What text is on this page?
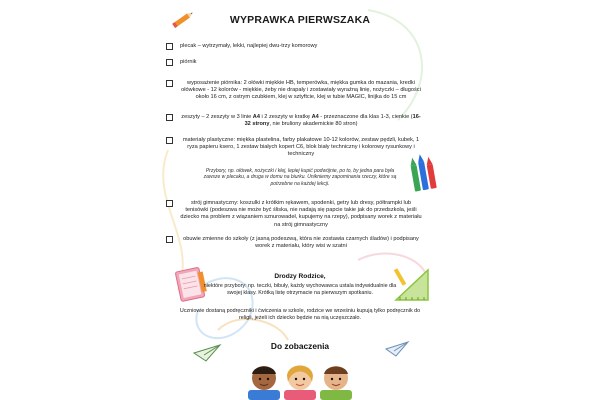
WYPRAWKA PIERWSZAKA
plecak – wytrzymały, lekki, najlepiej dwu-trzy komorowy
piórnik
wyposażenie piórnika: 2 ołówki miękkie HB, temperówka, miękka gumka do mazania, kredki ołówkowe - 12 kolorów - miękkie, żeby nie drapały i zostawiały wyraźną linię, nożyczki – długości około 16 cm, z ostrym czubkiem, klej w sztyftcie, klej w tubie MAGIC, linijka do 15 cm
zeszyty – 2 zeszyty w 3 linie A4 i 2 zeszyty w kratkę A4 - przeznaczone dla klas 1-3, cienkie (16-32 strony, nie bruliony akademickie 80 stron)
materiały plastyczne: miękka plastelina, farby plakatowe 10-12 kolorów, zestaw pędzli, kubek, 1 ryza papieru ksero, 1 zestaw białych kopert C6, blok biały techniczny i kolorowy rysunkowy i techniczny
Przybory, np. ołówek, nożyczki i klej, lepiej kupić podwójnie, po to, by jedna para była zawsze w plecaku, a druga w domu na biurku. Unikniemy zapominania rzeczy, które są potrzebne na każdej lekcji.
strój gimnastyczny: koszulki z krótkim rękawem, spodenki, getry lub dresy, półtrampki lub tenisówki (podeszwa nie może być śliska, nie nadają się papcie takie jak do przedszkola, jeśli dziecko ma problem z wiązaniem sznurowadeł, kupujemy na rzepy), podpisany worek z materiału na strój gimnastyczny
obuwie zmienne do szkoły (z jasną podeszwą, która nie zostawia czarnych śladów) i podpisany worek z materiału, który wisi w szatni
Drodzy Rodzice,
niektóre przybory: np. teczki, bibuły, każdy wychowawca ustala indywidualnie dla swojej klasy. Krótką listę otrzymacie na pierwszym spotkaniu.
Uczniowie dostaną podręczniki i ćwiczenia w szkole, rodzice we wrześniu kupują tylko podręcznik do religii, jeżeli ich dziecko będzie na nią uczęszczało.
Do zobaczenia
